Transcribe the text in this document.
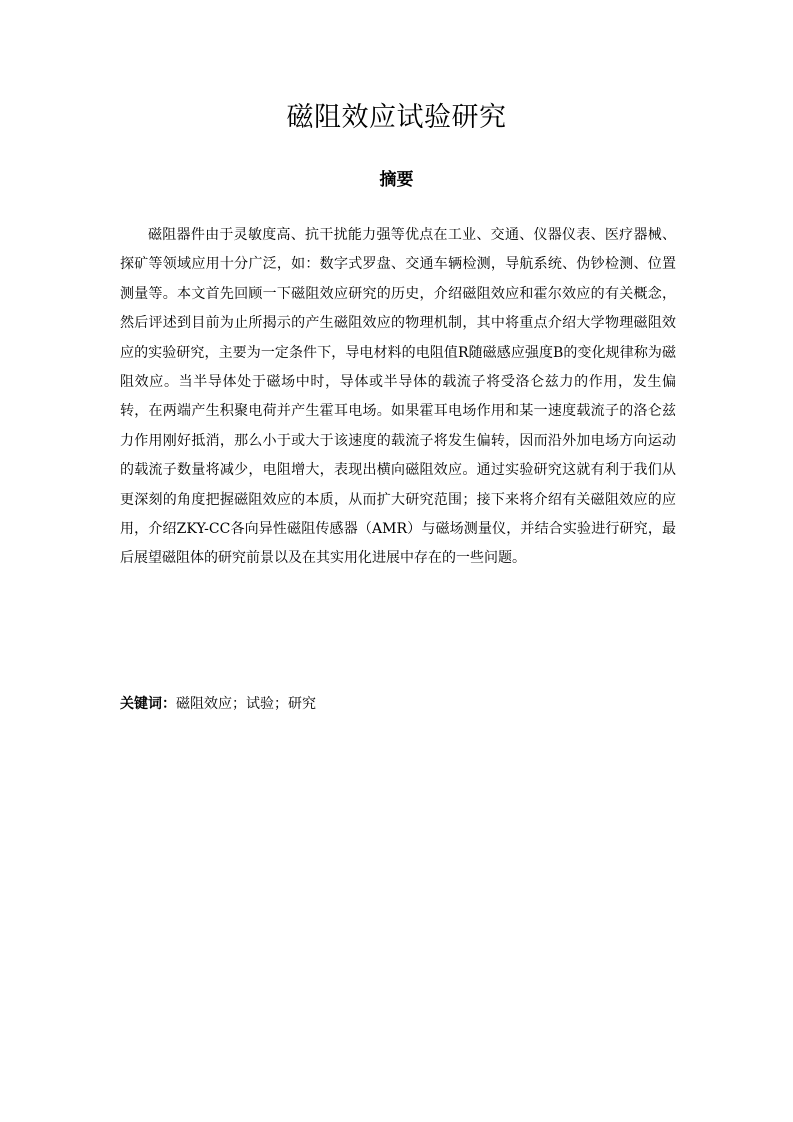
磁阻效应试验研究
摘要

磁阻器件由于灵敏度高、抗干扰能力强等优点在工业、交通、仪器仪表、医疗器械、探矿等领域应用十分广泛，如：数字式罗盘、交通车辆检测，导航系统、伪钞检测、位置测量等。本文首先回顾一下磁阻效应研究的历史，介绍磁阻效应和霍尔效应的有关概念，然后评述到目前为止所揭示的产生磁阻效应的物理机制，其中将重点介绍大学物理磁阻效应的实验研究，主要为一定条件下，导电材料的电阻值R随磁感应强度B的变化规律称为磁阻效应。当半导体处于磁场中时，导体或半导体的载流子将受洛仑兹力的作用，发生偏转，在两端产生积聚电荷并产生霍耳电场。如果霍耳电场作用和某一速度载流子的洛仑兹力作用刚好抵消，那么小于或大于该速度的载流子将发生偏转，因而沿外加电场方向运动的载流子数量将减少，电阻增大，表现出横向磁阻效应。通过实验研究这就有利于我们从更深刻的角度把握磁阻效应的本质，从而扩大研究范围；接下来将介绍有关磁阻效应的应用，介绍ZKY-CC各向异性磁阻传感器（AMR）与磁场测量仪，并结合实验进行研究，最后展望磁阻体的研究前景以及在其实用化进展中存在的一些问题。

关键词：磁阻效应；试验；研究
